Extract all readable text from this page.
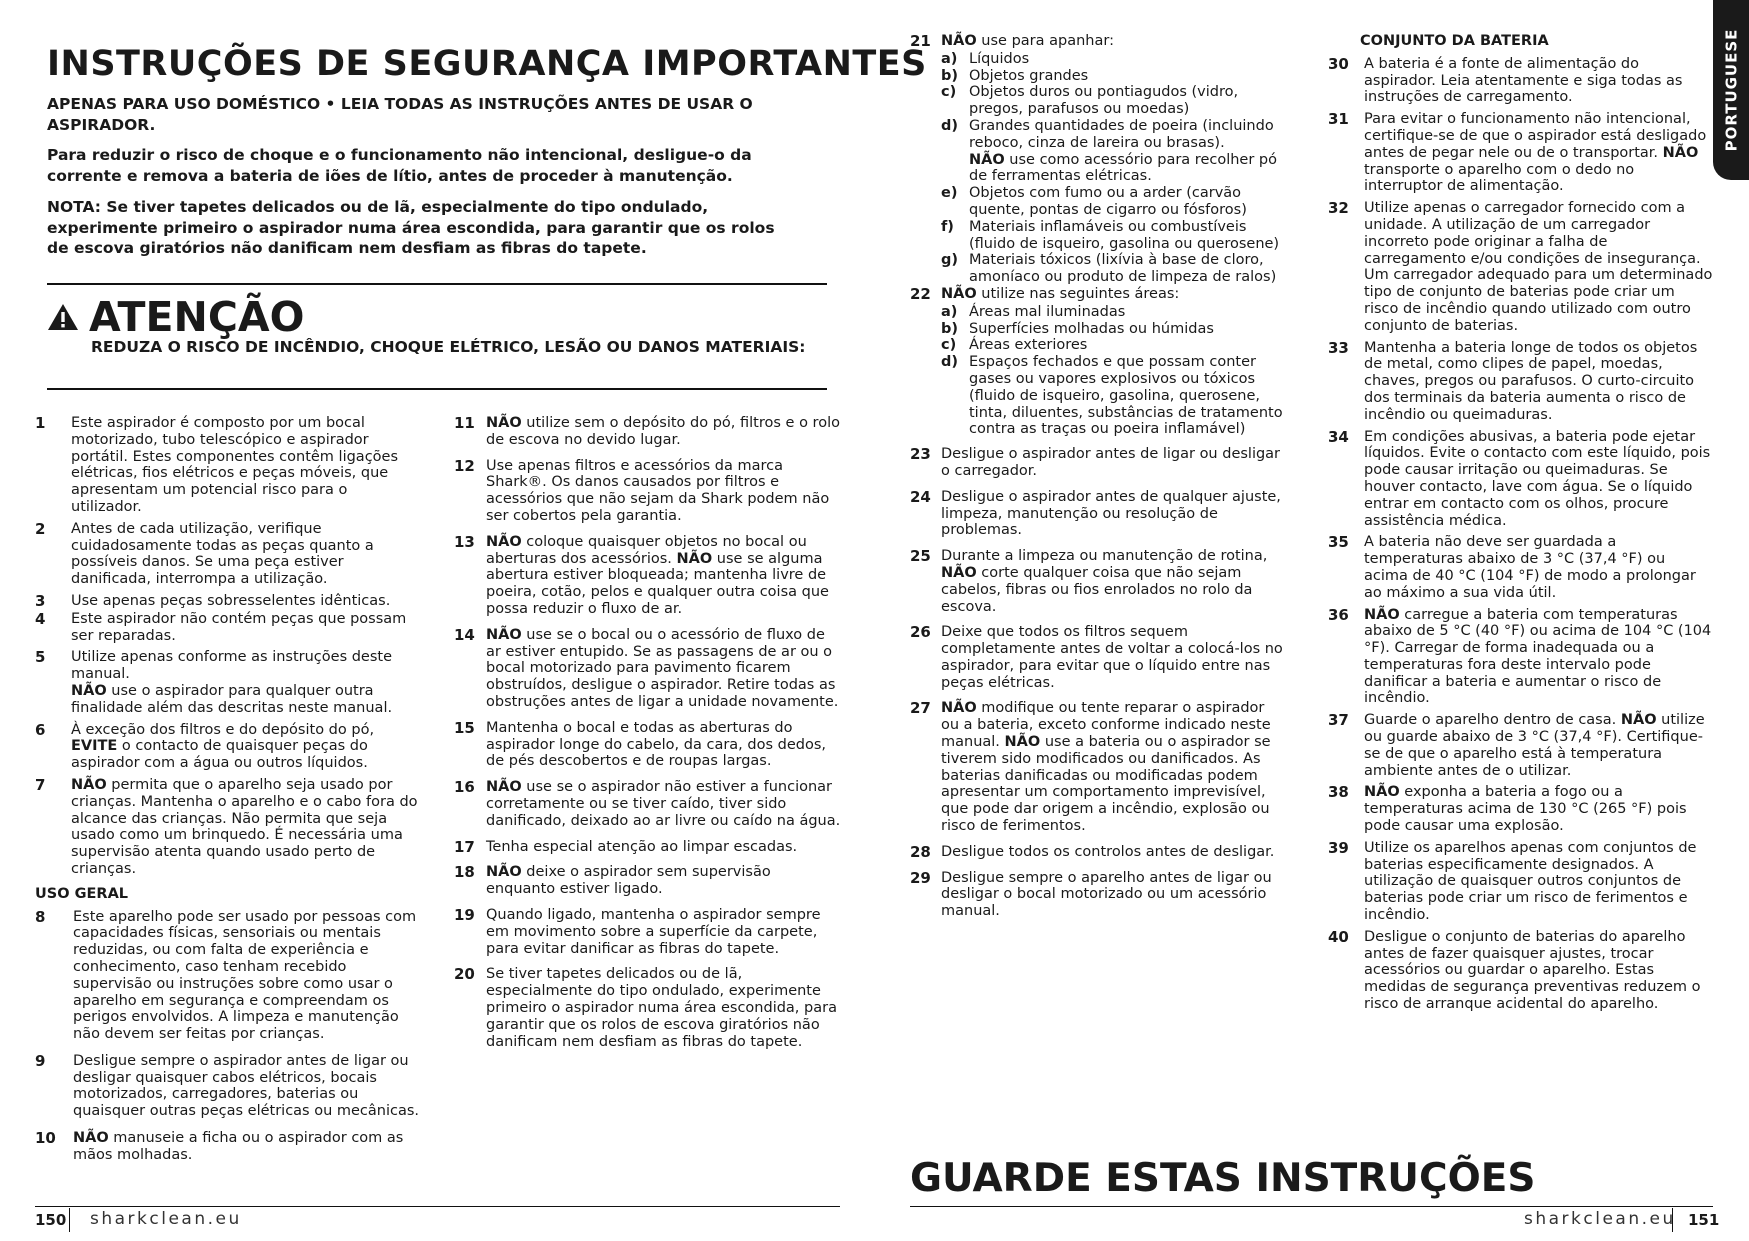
INSTRUÇÕES DE SEGURANÇA IMPORTANTES
APENAS PARA USO DOMÉSTICO • LEIA TODAS AS INSTRUÇÕES ANTES DE USAR O ASPIRADOR.
Para reduzir o risco de choque e o funcionamento não intencional, desligue-o da corrente e remova a bateria de iões de lítio, antes de proceder à manutenção.
NOTA: Se tiver tapetes delicados ou de lã, especialmente do tipo ondulado, experimente primeiro o aspirador numa área escondida, para garantir que os rolos de escova giratórios não danificam nem desfiam as fibras do tapete.
ATENÇÃO
REDUZA O RISCO DE INCÊNDIO, CHOQUE ELÉTRICO, LESÃO OU DANOS MATERIAIS:
1	Este aspirador é composto por um bocal motorizado, tubo telescópico e aspirador portátil. Estes componentes contêm ligações elétricas, fios elétricos e peças móveis, que apresentam um potencial risco para o utilizador.
2	Antes de cada utilização, verifique cuidadosamente todas as peças quanto a possíveis danos. Se uma peça estiver danificada, interrompa a utilização.
3	Use apenas peças sobresselentes idênticas.
4	Este aspirador não contém peças que possam ser reparadas.
5	Utilize apenas conforme as instruções deste manual.
NÃO use o aspirador para qualquer outra finalidade além das descritas neste manual.
6	À exceção dos filtros e do depósito do pó, EVITE o contacto de quaisquer peças do aspirador com a água ou outros líquidos.
7	NÃO permita que o aparelho seja usado por crianças. Mantenha o aparelho e o cabo fora do alcance das crianças. Não permita que seja usado como um brinquedo. É necessária uma supervisão atenta quando usado perto de crianças.
USO GERAL
8	Este aparelho pode ser usado por pessoas com capacidades físicas, sensoriais ou mentais reduzidas, ou com falta de experiência e conhecimento, caso tenham recebido supervisão ou instruções sobre como usar o aparelho em segurança e compreendam os perigos envolvidos. A limpeza e manutenção não devem ser feitas por crianças.
9	Desligue sempre o aspirador antes de ligar ou desligar quaisquer cabos elétricos, bocais motorizados, carregadores, baterias ou quaisquer outras peças elétricas ou mecânicas.
10	NÃO manuseie a ficha ou o aspirador com as mãos molhadas.
11 NÃO utilize sem o depósito do pó, filtros e o rolo de escova no devido lugar.
12 Use apenas filtros e acessórios da marca Shark®. Os danos causados por filtros e acessórios que não sejam da Shark podem não ser cobertos pela garantia.
13 NÃO coloque quaisquer objetos no bocal ou aberturas dos acessórios. NÃO use se alguma abertura estiver bloqueada; mantenha livre de poeira, cotão, pelos e qualquer outra coisa que possa reduzir o fluxo de ar.
14 NÃO use se o bocal ou o acessório de fluxo de ar estiver entupido. Se as passagens de ar ou o bocal motorizado para pavimento ficarem obstruídos, desligue o aspirador. Retire todas as obstruções antes de ligar a unidade novamente.
15 Mantenha o bocal e todas as aberturas do aspirador longe do cabelo, da cara, dos dedos, de pés descobertos e de roupas largas.
16 NÃO use se o aspirador não estiver a funcionar corretamente ou se tiver caído, tiver sido danificado, deixado ao ar livre ou caído na água.
17 Tenha especial atenção ao limpar escadas.
18 NÃO deixe o aspirador sem supervisão enquanto estiver ligado.
19 Quando ligado, mantenha o aspirador sempre em movimento sobre a superfície da carpete, para evitar danificar as fibras do tapete.
20 Se tiver tapetes delicados ou de lã, especialmente do tipo ondulado, experimente primeiro o aspirador numa área escondida, para garantir que os rolos de escova giratórios não danificam nem desfiam as fibras do tapete.
21 NÃO use para apanhar:
a) Líquidos
b) Objetos grandes
c) Objetos duros ou pontiagudos (vidro, pregos, parafusos ou moedas)
d) Grandes quantidades de poeira (incluindo reboco, cinza de lareira ou brasas).
NÃO use como acessório para recolher pó de ferramentas elétricas.
e) Objetos com fumo ou a arder (carvão quente, pontas de cigarro ou fósforos)
f)	Materiais inflamáveis ou combustíveis (fluido de isqueiro, gasolina ou querosene)
g) Materiais tóxicos (lixívia à base de cloro, amoníaco ou produto de limpeza de ralos)
22 NÃO utilize nas seguintes áreas:
a) Áreas mal iluminadas
b) Superfícies molhadas ou húmidas
c) Áreas exteriores
d) Espaços fechados e que possam conter gases ou vapores explosivos ou tóxicos (fluido de isqueiro, gasolina, querosene, tinta, diluentes, substâncias de tratamento contra as traças ou poeira inflamável)
23 Desligue o aspirador antes de ligar ou desligar o carregador.
24 Desligue o aspirador antes de qualquer ajuste, limpeza, manutenção ou resolução de problemas.
25 Durante a limpeza ou manutenção de rotina, NÃO corte qualquer coisa que não sejam cabelos, fibras ou fios enrolados no rolo da escova.
26 Deixe que todos os filtros sequem completamente antes de voltar a colocá-los no aspirador, para evitar que o líquido entre nas peças elétricas.
27 NÃO modifique ou tente reparar o aspirador ou a bateria, exceto conforme indicado neste manual. NÃO use a bateria ou o aspirador se tiverem sido modificados ou danificados. As baterias danificadas ou modificadas podem apresentar um comportamento imprevisível, que pode dar origem a incêndio, explosão ou risco de ferimentos.
28 Desligue todos os controlos antes de desligar.
29 Desligue sempre o aparelho antes de ligar ou desligar o bocal motorizado ou um acessório manual.
CONJUNTO DA BATERIA
30	A bateria é a fonte de alimentação do aspirador. Leia atentamente e siga todas as instruções de carregamento.
31	Para evitar o funcionamento não intencional, certifique-se de que o aspirador está desligado antes de pegar nele ou de o transportar. NÃO transporte o aparelho com o dedo no interruptor de alimentação.
32	Utilize apenas o carregador fornecido com a unidade. A utilização de um carregador incorreto pode originar a falha de carregamento e/ou condições de insegurança. Um carregador adequado para um determinado tipo de conjunto de baterias pode criar um risco de incêndio quando utilizado com outro conjunto de baterias.
33	Mantenha a bateria longe de todos os objetos de metal, como clipes de papel, moedas, chaves, pregos ou parafusos. O curto-circuito dos terminais da bateria aumenta o risco de incêndio ou queimaduras.
34	Em condições abusivas, a bateria pode ejetar líquidos. Evite o contacto com este líquido, pois pode causar irritação ou queimaduras. Se houver contacto, lave com água. Se o líquido entrar em contacto com os olhos, procure assistência médica.
35	A bateria não deve ser guardada a temperaturas abaixo de 3 °C (37,4 °F) ou acima de 40 °C (104 °F) de modo a prolongar ao máximo a sua vida útil.
36	NÃO carregue a bateria com temperaturas abaixo de 5 °C (40 °F) ou acima de 104 °C (104 °F). Carregar de forma inadequada ou a temperaturas fora deste intervalo pode danificar a bateria e aumentar o risco de incêndio.
37	Guarde o aparelho dentro de casa. NÃO utilize ou guarde abaixo de 3 °C (37,4 °F). Certifique-se de que o aparelho está à temperatura ambiente antes de o utilizar.
38	NÃO exponha a bateria a fogo ou a temperaturas acima de 130 °C (265 °F) pois pode causar uma explosão.
39	Utilize os aparelhos apenas com conjuntos de baterias especificamente designados. A utilização de quaisquer outros conjuntos de baterias pode criar um risco de ferimentos e incêndio.
40	Desligue o conjunto de baterias do aparelho antes de fazer quaisquer ajustes, trocar acessórios ou guardar o aparelho. Estas medidas de segurança preventivas reduzem o risco de arranque acidental do aparelho.
PORTUGUESE
GUARDE ESTAS INSTRUÇÕES
150 sharkclean.eu	sharkclean.eu 151
